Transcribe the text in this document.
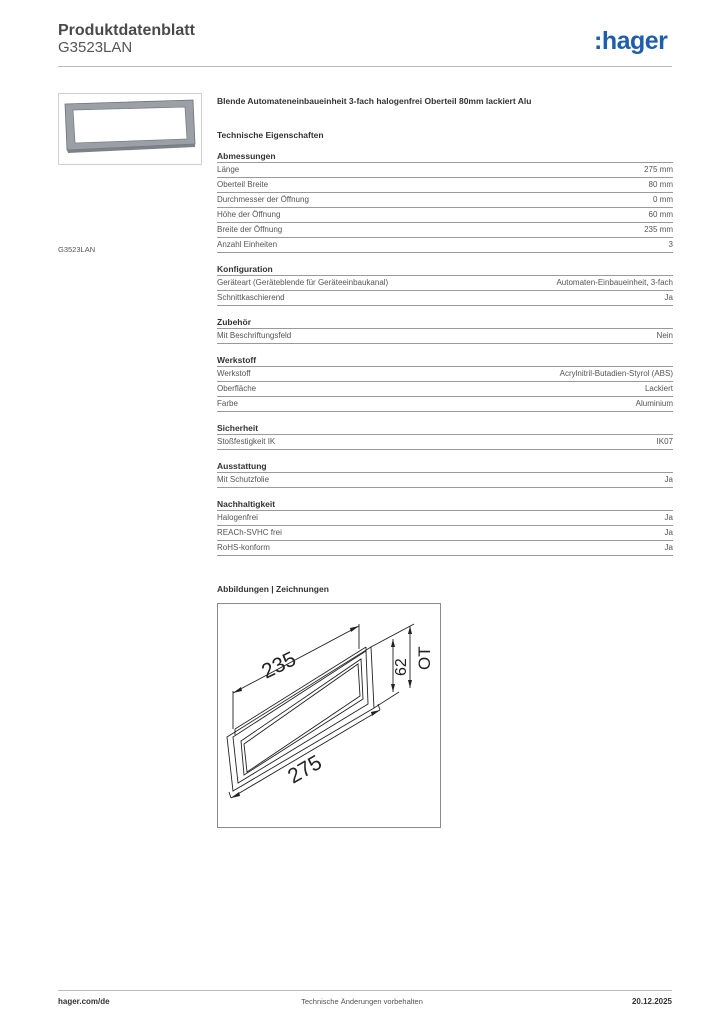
Produktdatenblatt
G3523LAN	:hager
G3523LAN
Blende Automateneinbaueinheit 3-fach halogenfrei Oberteil 80mm lackiert Alu
Technische Eigenschaften
Abmessungen
Länge	275 mm
Oberteil Breite	80 mm
Durchmesser der Öffnung	0 mm
Höhe der Öffnung	60 mm
Breite der Öffnung	235 mm
Anzahl Einheiten	3
Konfiguration
Geräteart (Geräteblende für Geräteeinbaukanal)	Automaten-Einbaueinheit, 3-fach
Schnittkaschierend	Ja
Zubehör
Mit Beschriftungsfeld	Nein
Werkstoff
Werkstoff	Acrylnitril-Butadien-Styrol (ABS)
Oberfläche	Lackiert
Farbe	Aluminium
Sicherheit
Stoßfestigkeit IK	IK07
Ausstattung
Mit Schutzfolie	Ja
Nachhaltigkeit
Halogenfrei	Ja
REACh-SVHC frei	Ja
RoHS-konform	Ja
Abbildungen | Zeichnungen
235
275
62 OT
hager.com/de	Technische Änderungen vorbehalten	20.12.2025
